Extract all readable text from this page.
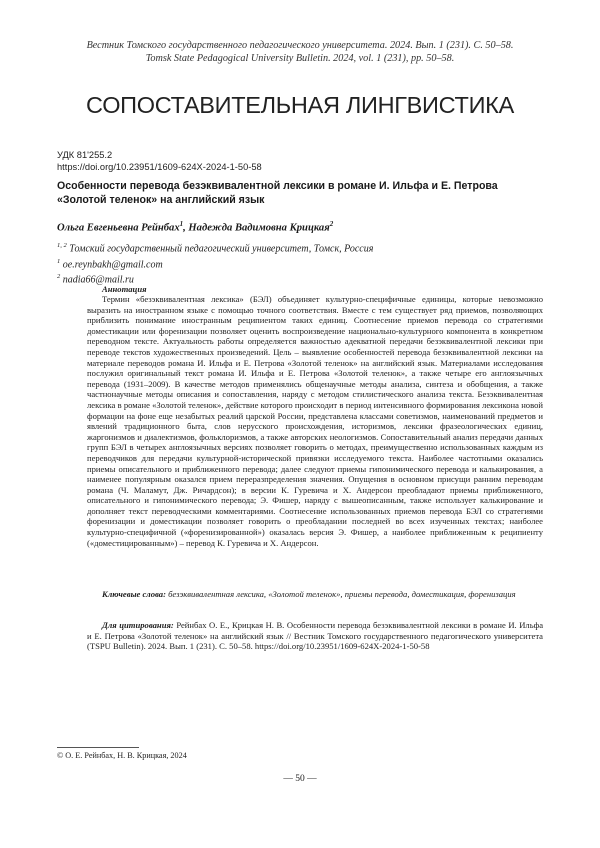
Вестник Томского государственного педагогического университета. 2024. Вып. 1 (231). С. 50–58.
Tomsk State Pedagogical University Bulletin. 2024, vol. 1 (231), pp. 50–58.
СОПОСТАВИТЕЛЬНАЯ ЛИНГВИСТИКА
УДК 81'255.2
https://doi.org/10.23951/1609-624X-2024-1-50-58
Особенности перевода безэквивалентной лексики в романе И. Ильфа и Е. Петрова «Золотой теленок» на английский язык
Ольга Евгеньевна Рейнбах$^1$, Надежда Вадимовна Крицкая$^2$
$^{1, 2}$ Томский государственный педагогический университет, Томск, Россия
$^1$ oe.reynbakh@gmail.com
$^2$ nadia66@mail.ru
Аннотация

Термин «безэквивалентная лексика» (БЭЛ) объединяет культурно-специфичные единицы, которые невозможно выразить на иностранном языке с помощью точного соответствия. Вместе с тем существует ряд приемов, позволяющих приблизить понимание иностранным реципиентом таких единиц. Соотнесение приемов перевода со стратегиями доместикации или форенизации позволяет оценить воспроизведение национально-культурного компонента в конкретном переводном тексте. Актуальность работы определяется важностью адекватной передачи безэквивалентной лексики при переводе текстов художественных произведений. Цель – выявление особенностей перевода безэквивалентной лексики на материале переводов романа И. Ильфа и Е. Петрова «Золотой теленок» на английский язык. Материалами исследования послужил оригинальный текст романа И. Ильфа и Е. Петрова «Золотой теленок», а также четыре его англоязычных перевода (1931–2009). В качестве методов применялись общенаучные методы анализа, синтеза и обобщения, а также частнонаучные методы описания и сопоставления, наряду с методом стилистического анализа текста. Безэквивалентная лексика в романе «Золотой теленок», действие которого происходит в период интенсивного формирования лексикона новой формации на фоне еще незабытых реалий царской России, представлена классами советизмов, наименований предметов и явлений традиционного быта, слов нерусского происхождения, историзмов, лексики фразеологических единиц, жаргонизмов и диалектизмов, фольклоризмов, а также авторских неологизмов. Сопоставительный анализ передачи данных групп БЭЛ в четырех англоязычных версиях позволяет говорить о методах, преимущественно использованных каждым из переводчиков для передачи культурной-исторической привязки исследуемого текста. Наиболее частотными оказались приемы описательного и приближенного перевода; далее следуют приемы гипонимического перевода и калькирования, а наименее популярным оказался прием переразпределения значения. Опущения в основном присущи ранним переводам романа (Ч. Маламут, Дж. Ричардсон); в версии К. Гуревича и Х. Андерсон преобладают приемы приближенного, описательного и гипонимического перевода; Э. Фишер, наряду с вышеописанным, также использует калькирование и дополняет текст переводческими комментариями. Соотнесение использованных приемов перевода БЭЛ со стратегиями форенизации и доместикации позволяет говорить о преобладании последней во всех изученных текстах; наиболее культурно-специфичной («форенизированной») оказалась версия Э. Фишер, а наиболее приближенным к реципиенту («доместицированным») – перевод К. Гуревича и Х. Андерсон.

Ключевые слова: безэквивалентная лексика, «Золотой теленок», приемы перевода, доместикация, форенизация

Для цитирования: Рейнбах О. Е., Крицкая Н. В. Особенности перевода безэквивалентной лексики в романе И. Ильфа и Е. Петрова «Золотой теленок» на английский язык // Вестник Томского государственного педагогического университета (TSPU Bulletin). 2024. Вып. 1 (231). С. 50–58. https://doi.org/10.23951/1609-624X-2024-1-50-58

© О. Е. Рейнбах, Н. В. Крицкая, 2024
— 50 —
